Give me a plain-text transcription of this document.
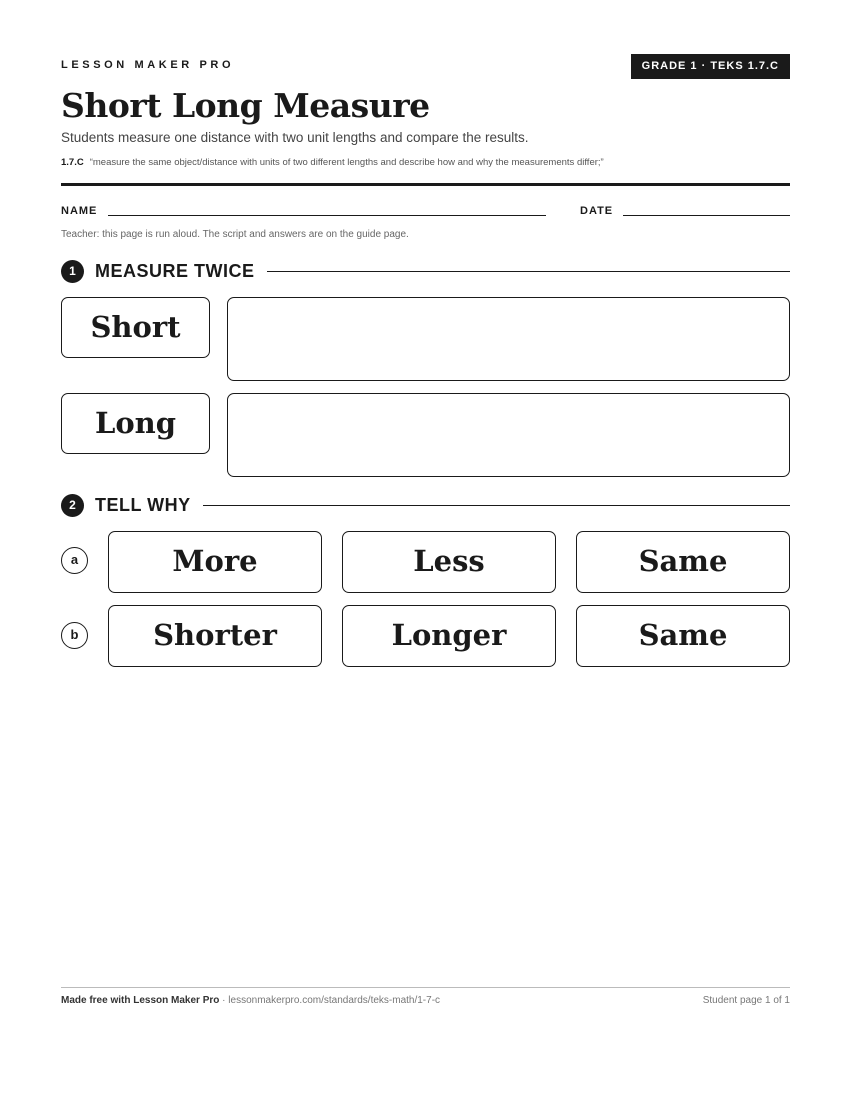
LESSON MAKER PRO	GRADE 1 · TEKS 1.7.C
Short Long Measure
Students measure one distance with two unit lengths and compare the results.
1.7.C “measure the same object/distance with units of two different lengths and describe how and why the measurements differ;”
NAME	DATE
Teacher: this page is run aloud. The script and answers are on the guide page.
1	MEASURE TWICE
Short
Long
2	TELL WHY
a	More	Less	Same
b	Shorter	Longer	Same
Made free with Lesson Maker Pro · lessonmakerpro.com/standards/teks-math/1-7-c	Student page 1 of 1
